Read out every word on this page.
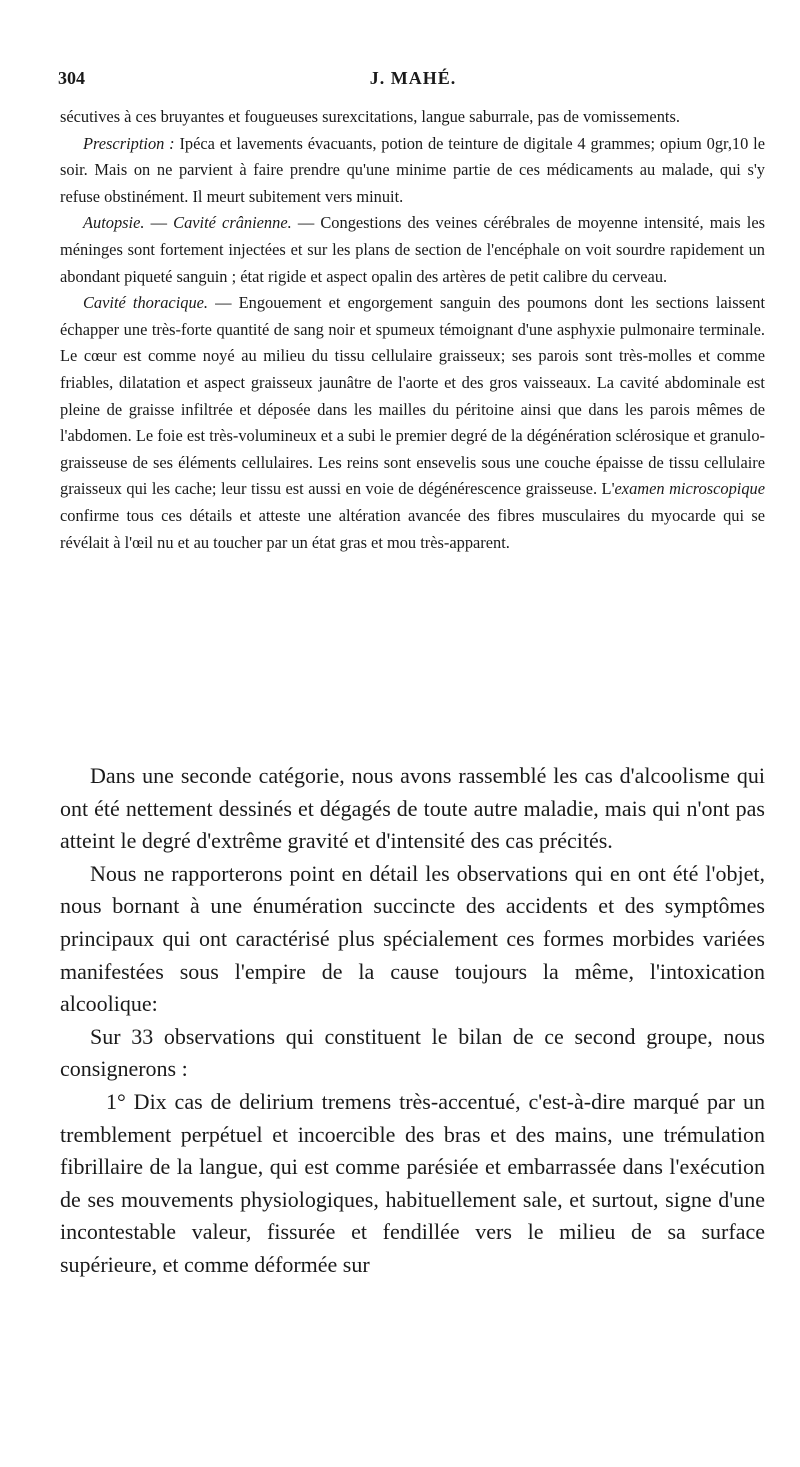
304	J. MAHÉ.

sécutives à ces bruyantes et fougueuses surexcitations, langue saburrale, pas de vomissements.

Prescription : Ipéca et lavements évacuants, potion de teinture de digitale 4 grammes; opium 0gr,10 le soir. Mais on ne parvient à faire prendre qu'une minime partie de ces médicaments au malade, qui s'y refuse obstinément. Il meurt subitement vers minuit.

Autopsie. — Cavité crânienne. — Congestions des veines cérébrales de moyenne intensité, mais les méninges sont fortement injectées et sur les plans de section de l'encéphale on voit sourdre rapidement un abondant piqueté sanguin ; état rigide et aspect opalin des artères de petit calibre du cerveau.

Cavité thoracique. — Engouement et engorgement sanguin des poumons dont les sections laissent échapper une très-forte quantité de sang noir et spumeux témoignant d'une asphyxie pulmonaire terminale. Le cœur est comme noyé au milieu du tissu cellulaire graisseux; ses parois sont très-molles et comme friables, dilatation et aspect graisseux jaunâtre de l'aorte et des gros vaisseaux. La cavité abdominale est pleine de graisse infiltrée et déposée dans les mailles du péritoine ainsi que dans les parois mêmes de l'abdomen. Le foie est très-volumineux et a subi le premier degré de la dégénération sclérosique et granulo-graisseuse de ses éléments cellulaires. Les reins sont ensevelis sous une couche épaisse de tissu cellulaire graisseux qui les cache; leur tissu est aussi en voie de dégénérescence graisseuse. L'examen microscopique confirme tous ces détails et atteste une altération avancée des fibres musculaires du myocarde qui se révélait à l'œil nu et au toucher par un état gras et mou très-apparent.

Dans une seconde catégorie, nous avons rassemblé les cas d'alcoolisme qui ont été nettement dessinés et dégagés de toute autre maladie, mais qui n'ont pas atteint le degré d'extrême gravité et d'intensité des cas précités.

Nous ne rapporterons point en détail les observations qui en ont été l'objet, nous bornant à une énumération succincte des accidents et des symptômes principaux qui ont caractérisé plus spécialement ces formes morbides variées manifestées sous l'empire de la cause toujours la même, l'intoxication alcoolique:

Sur 33 observations qui constituent le bilan de ce second groupe, nous consignerons :

1° Dix cas de delirium tremens très-accentué, c'est-à-dire marqué par un tremblement perpétuel et incoercible des bras et des mains, une trémulation fibrillaire de la langue, qui est comme parésiée et embarrassée dans l'exécution de ses mouvements physiologiques, habituellement sale, et surtout, signe d'une incontestable valeur, fissurée et fendillée vers le milieu de sa surface supérieure, et comme déformée sur
